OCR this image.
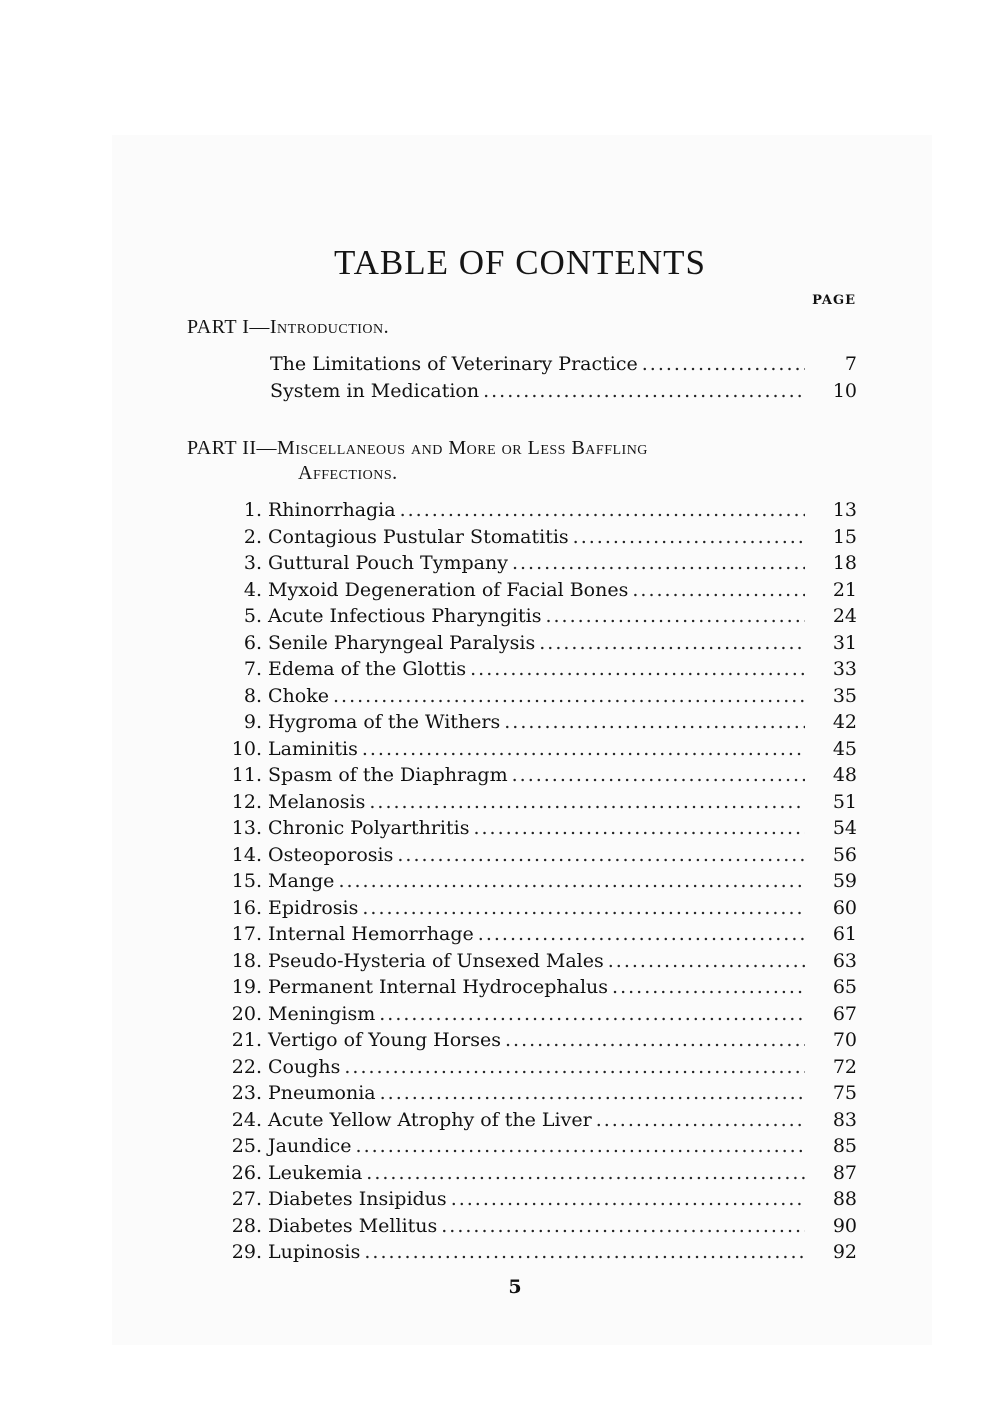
TABLE OF CONTENTS
PAGE
PART I—Introduction.
The Limitations of Veterinary Practice .....	7
System in Medication .....	10
PART II—Miscellaneous and More or Less Baffling
Affections.
1. Rhinorrhagia .....	13
2. Contagious Pustular Stomatitis .....	15
3. Guttural Pouch Tympany .....	18
4. Myxoid Degeneration of Facial Bones .....	21
5. Acute Infectious Pharyngitis .....	24
6. Senile Pharyngeal Paralysis .....	31
7. Edema of the Glottis .....	33
8. Choke .....	35
9. Hygroma of the Withers .....	42
10. Laminitis .....	45
11. Spasm of the Diaphragm .....	48
12. Melanosis .....	51
13. Chronic Polyarthritis .....	54
14. Osteoporosis .....	56
15. Mange .....	59
16. Epidrosis .....	60
17. Internal Hemorrhage .....	61
18. Pseudo-Hysteria of Unsexed Males .....	63
19. Permanent Internal Hydrocephalus .....	65
20. Meningism .....	67
21. Vertigo of Young Horses .....	70
22. Coughs .....	72
23. Pneumonia .....	75
24. Acute Yellow Atrophy of the Liver .....	83
25. Jaundice .....	85
26. Leukemia .....	87
27. Diabetes Insipidus .....	88
28. Diabetes Mellitus .....	90
29. Lupinosis .....	92
5
